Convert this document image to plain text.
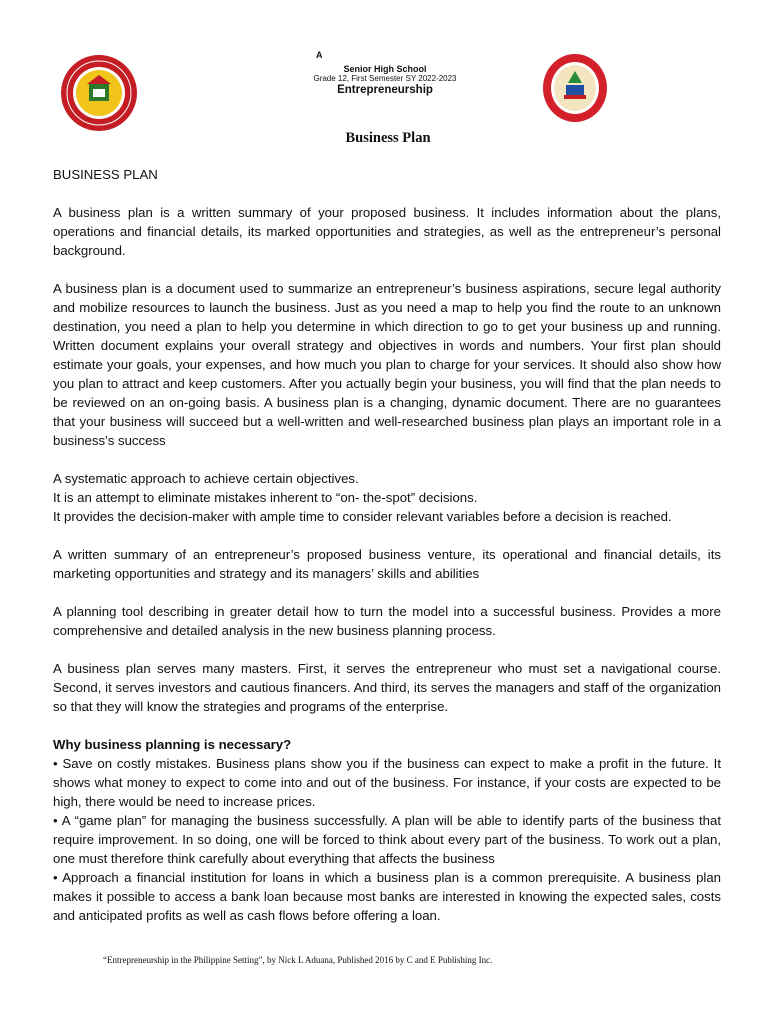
A
Senior High School
Grade 12, First Semester SY 2022-2023
Entrepreneurship
Business Plan
BUSINESS PLAN

A business plan is a written summary of your proposed business. It includes information about the plans, operations and financial details, its marked opportunities and strategies, as well as the entrepreneur’s personal background.

A business plan is a document used to summarize an entrepreneur’s business aspirations, secure legal authority and mobilize resources to launch the business. Just as you need a map to help you find the route to an unknown destination, you need a plan to help you determine in which direction to go to get your business up and running. Written document explains your overall strategy and objectives in words and numbers. Your first plan should estimate your goals, your expenses, and how much you plan to charge for your services. It should also show how you plan to attract and keep customers. After you actually begin your business, you will find that the plan needs to be reviewed on an on-going basis. A business plan is a changing, dynamic document. There are no guarantees that your business will succeed but a well-written and well-researched business plan plays an important role in a business’s success

A systematic approach to achieve certain objectives.

It is an attempt to eliminate mistakes inherent to “on- the-spot” decisions.

It provides the decision-maker with ample time to consider relevant variables before a decision is reached.

A written summary of an entrepreneur’s proposed business venture, its operational and financial details, its marketing opportunities and strategy and its managers’ skills and abilities

A planning tool describing in greater detail how to turn the model into a successful business. Provides a more comprehensive and detailed analysis in the new business planning process.

A business plan serves many masters. First, it serves the entrepreneur who must set a navigational course. Second, it serves investors and cautious financers. And third, its serves the managers and staff of the organization so that they will know the strategies and programs of the enterprise.

Why business planning is necessary?

• Save on costly mistakes. Business plans show you if the business can expect to make a profit in the future. It shows what money to expect to come into and out of the business. For instance, if your costs are expected to be high, there would be need to increase prices.

• A “game plan” for managing the business successfully. A plan will be able to identify parts of the business that require improvement. In so doing, one will be forced to think about every part of the business. To work out a plan, one must therefore think carefully about everything that affects the business

• Approach a financial institution for loans in which a business plan is a common prerequisite. A business plan makes it possible to access a bank loan because most banks are interested in knowing the expected sales, costs and anticipated profits as well as cash flows before offering a loan.

“Entrepreneurship in the Philippine Setting”, by Nick L Aduana, Published 2016 by C and E Publishing Inc.
